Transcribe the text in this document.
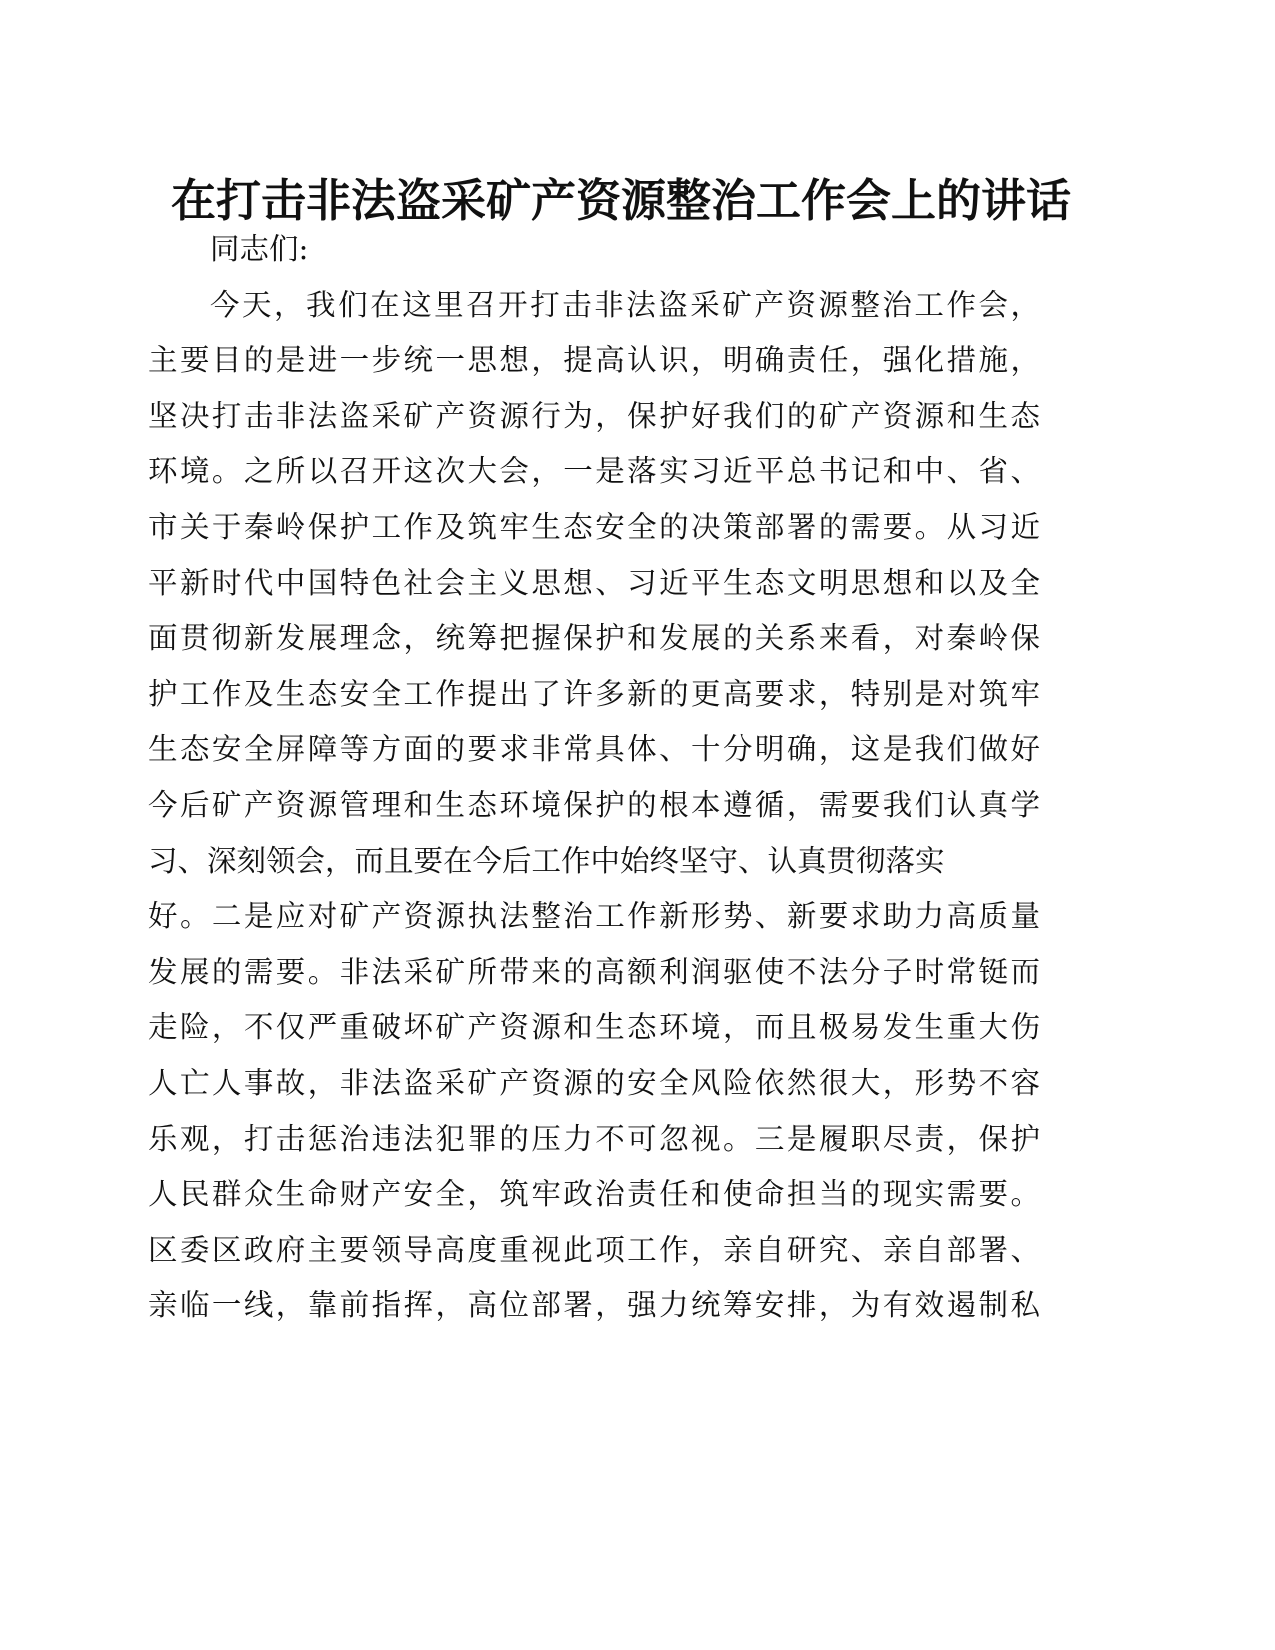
在打击非法盗采矿产资源整治工作会上的讲话
同志们:
今天，我们在这里召开打击非法盗采矿产资源整治工作会，
主要目的是进一步统一思想，提高认识，明确责任，强化措施，
坚决打击非法盗采矿产资源行为，保护好我们的矿产资源和生态
环境。之所以召开这次大会，一是落实习近平总书记和中、省、
市关于秦岭保护工作及筑牢生态安全的决策部署的需要。从习近
平新时代中国特色社会主义思想、习近平生态文明思想和以及全
面贯彻新发展理念，统筹把握保护和发展的关系来看，对秦岭保
护工作及生态安全工作提出了许多新的更高要求，特别是对筑牢
生态安全屏障等方面的要求非常具体、十分明确，这是我们做好
今后矿产资源管理和生态环境保护的根本遵循，需要我们认真学
习、深刻领会，而且要在今后工作中始终坚守、认真贯彻落实
好。二是应对矿产资源执法整治工作新形势、新要求助力高质量
发展的需要。非法采矿所带来的高额利润驱使不法分子时常铤而
走险，不仅严重破坏矿产资源和生态环境，而且极易发生重大伤
人亡人事故，非法盗采矿产资源的安全风险依然很大，形势不容
乐观，打击惩治违法犯罪的压力不可忽视。三是履职尽责，保护
人民群众生命财产安全，筑牢政治责任和使命担当的现实需要。
区委区政府主要领导高度重视此项工作，亲自研究、亲自部署、
亲临一线，靠前指挥，高位部署，强力统筹安排，为有效遏制私
